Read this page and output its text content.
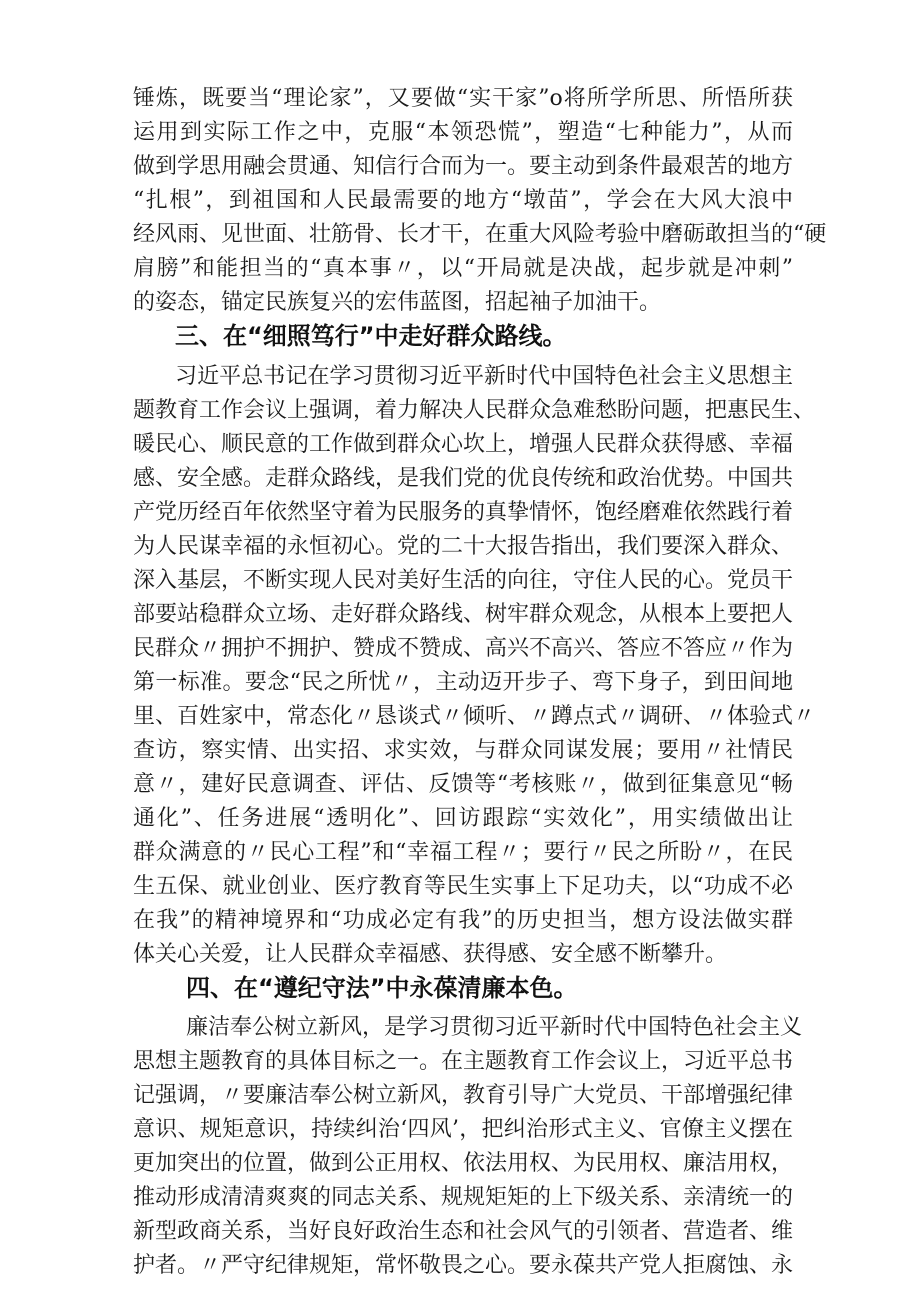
锤炼，既要当“理论家”，又要做“实干家”o将所学所思、所悟所获
运用到实际工作之中，克服“本领恐慌”，塑造“七种能力”，从而
做到学思用融会贯通、知信行合而为一。要主动到条件最艰苦的地方
“扎根”，到祖国和人民最需要的地方“墩苗”，学会在大风大浪中
经风雨、见世面、壮筋骨、长才干，在重大风险考验中磨砺敢担当的“硬
肩膀”和能担当的“真本事〃，以“开局就是决战，起步就是冲刺”
的姿态，锚定民族复兴的宏伟蓝图，招起袖子加油干。
三、在“细照笃行”中走好群众路线。
习近平总书记在学习贯彻习近平新时代中国特色社会主义思想主
题教育工作会议上强调，着力解决人民群众急难愁盼问题，把惠民生、
暖民心、顺民意的工作做到群众心坎上，增强人民群众获得感、幸福
感、安全感。走群众路线，是我们党的优良传统和政治优势。中国共
产党历经百年依然坚守着为民服务的真挚情怀，饱经磨难依然践行着
为人民谋幸福的永恒初心。党的二十大报告指出，我们要深入群众、
深入基层，不断实现人民对美好生活的向往，守住人民的心。党员干
部要站稳群众立场、走好群众路线、树牢群众观念，从根本上要把人
民群众〃拥护不拥护、赞成不赞成、高兴不高兴、答应不答应〃作为
第一标准。要念“民之所忧〃，主动迈开步子、弯下身子，到田间地
里、百姓家中，常态化〃恳谈式〃倾听、〃蹲点式〃调研、〃体验式〃
查访，察实情、出实招、求实效，与群众同谋发展；要用〃社情民
意〃，建好民意调查、评估、反馈等“考核账〃，做到征集意见“畅
通化”、任务进展“透明化”、回访跟踪“实效化”，用实绩做出让
群众满意的〃民心工程”和“幸福工程〃；要行〃民之所盼〃，在民
生五保、就业创业、医疗教育等民生实事上下足功夫，以“功成不必
在我”的精神境界和“功成必定有我”的历史担当，想方设法做实群
体关心关爱，让人民群众幸福感、获得感、安全感不断攀升。
四、在“遵纪守法”中永葆清廉本色。
廉洁奉公树立新风，是学习贯彻习近平新时代中国特色社会主义
思想主题教育的具体目标之一。在主题教育工作会议上，习近平总书
记强调，〃要廉洁奉公树立新风，教育引导广大党员、干部增强纪律
意识、规矩意识，持续纠治‘四风’，把纠治形式主义、官僚主义摆在
更加突出的位置，做到公正用权、依法用权、为民用权、廉洁用权，
推动形成清清爽爽的同志关系、规规矩矩的上下级关系、亲清统一的
新型政商关系，当好良好政治生态和社会风气的引领者、营造者、维
护者。〃严守纪律规矩，常怀敬畏之心。要永葆共产党人拒腐蚀、永
